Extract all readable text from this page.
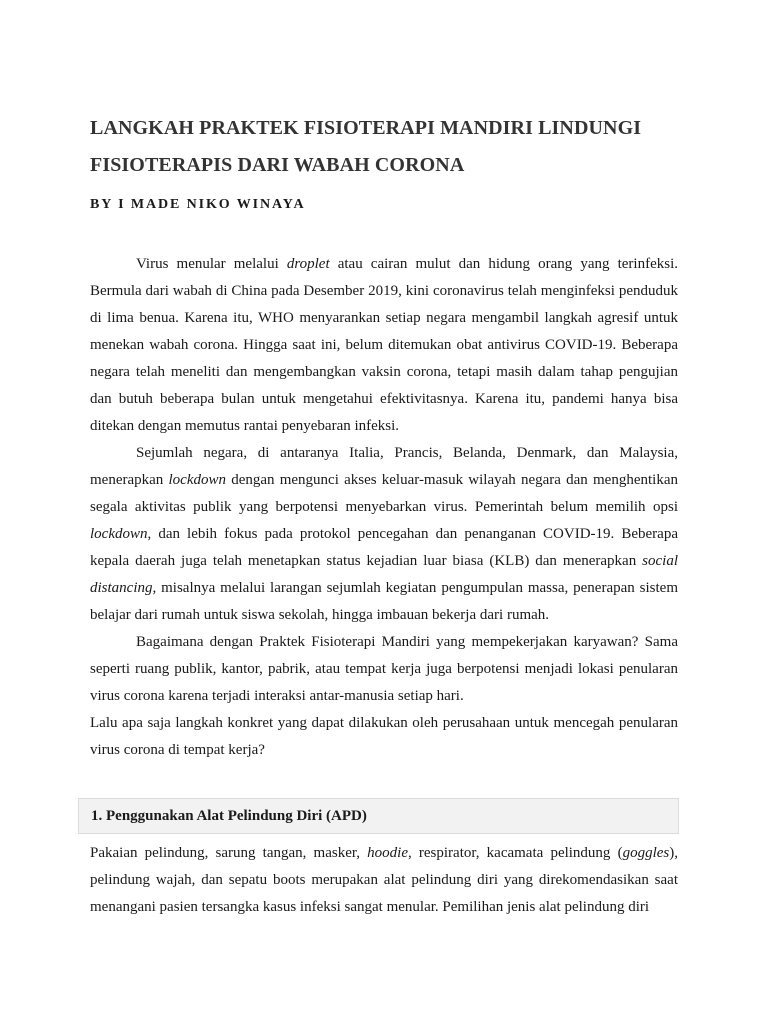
LANGKAH PRAKTEK FISIOTERAPI MANDIRI LINDUNGI
FISIOTERAPIS DARI WABAH CORONA
BY I MADE NIKO WINAYA

Virus menular melalui droplet atau cairan mulut dan hidung orang yang terinfeksi. Bermula dari wabah di China pada Desember 2019, kini coronavirus telah menginfeksi penduduk di lima benua. Karena itu, WHO menyarankan setiap negara mengambil langkah agresif untuk menekan wabah corona. Hingga saat ini, belum ditemukan obat antivirus COVID-19. Beberapa negara telah meneliti dan mengembangkan vaksin corona, tetapi masih dalam tahap pengujian dan butuh beberapa bulan untuk mengetahui efektivitasnya. Karena itu, pandemi hanya bisa ditekan dengan memutus rantai penyebaran infeksi.

Sejumlah negara, di antaranya Italia, Prancis, Belanda, Denmark, dan Malaysia, menerapkan lockdown dengan mengunci akses keluar-masuk wilayah negara dan menghentikan segala aktivitas publik yang berpotensi menyebarkan virus. Pemerintah belum memilih opsi lockdown, dan lebih fokus pada protokol pencegahan dan penanganan COVID-19. Beberapa kepala daerah juga telah menetapkan status kejadian luar biasa (KLB) dan menerapkan social distancing, misalnya melalui larangan sejumlah kegiatan pengumpulan massa, penerapan sistem belajar dari rumah untuk siswa sekolah, hingga imbauan bekerja dari rumah.

Bagaimana dengan Praktek Fisioterapi Mandiri yang mempekerjakan karyawan? Sama seperti ruang publik, kantor, pabrik, atau tempat kerja juga berpotensi menjadi lokasi penularan virus corona karena terjadi interaksi antar-manusia setiap hari.

Lalu apa saja langkah konkret yang dapat dilakukan oleh perusahaan untuk mencegah penularan virus corona di tempat kerja?

1. Penggunakan Alat Pelindung Diri (APD)

Pakaian pelindung, sarung tangan, masker, hoodie, respirator, kacamata pelindung (goggles), pelindung wajah, dan sepatu boots merupakan alat pelindung diri yang direkomendasikan saat menangani pasien tersangka kasus infeksi sangat menular. Pemilihan jenis alat pelindung diri
